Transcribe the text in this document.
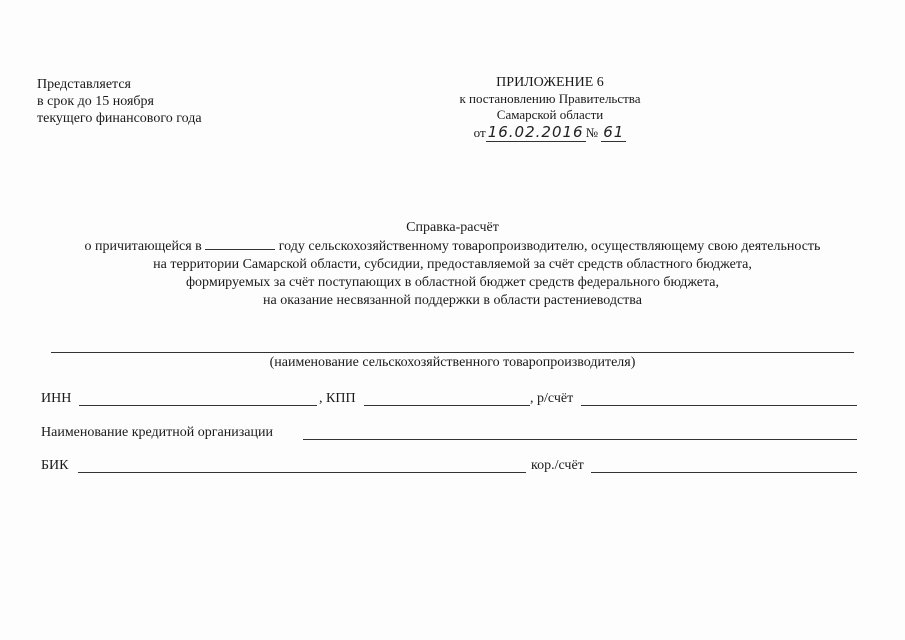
Представляется
в срок до 15 ноября
текущего финансового года
ПРИЛОЖЕНИЕ 6
к постановлению Правительства
Самарской области
от 16.02.2016 № 61
Справка-расчёт
о причитающейся в	году сельскохозяйственному товаропроизводителю, осуществляющему свою деятельность
на территории Самарской области, субсидии, предоставляемой за счёт средств областного бюджета,
формируемых за счёт поступающих в областной бюджет средств федерального бюджета,
на оказание несвязанной поддержки в области растениеводства
(наименование сельскохозяйственного товаропроизводителя)
ИНН	, КПП	, р/счёт
Наименование кредитной организации
БИК	кор./счёт
